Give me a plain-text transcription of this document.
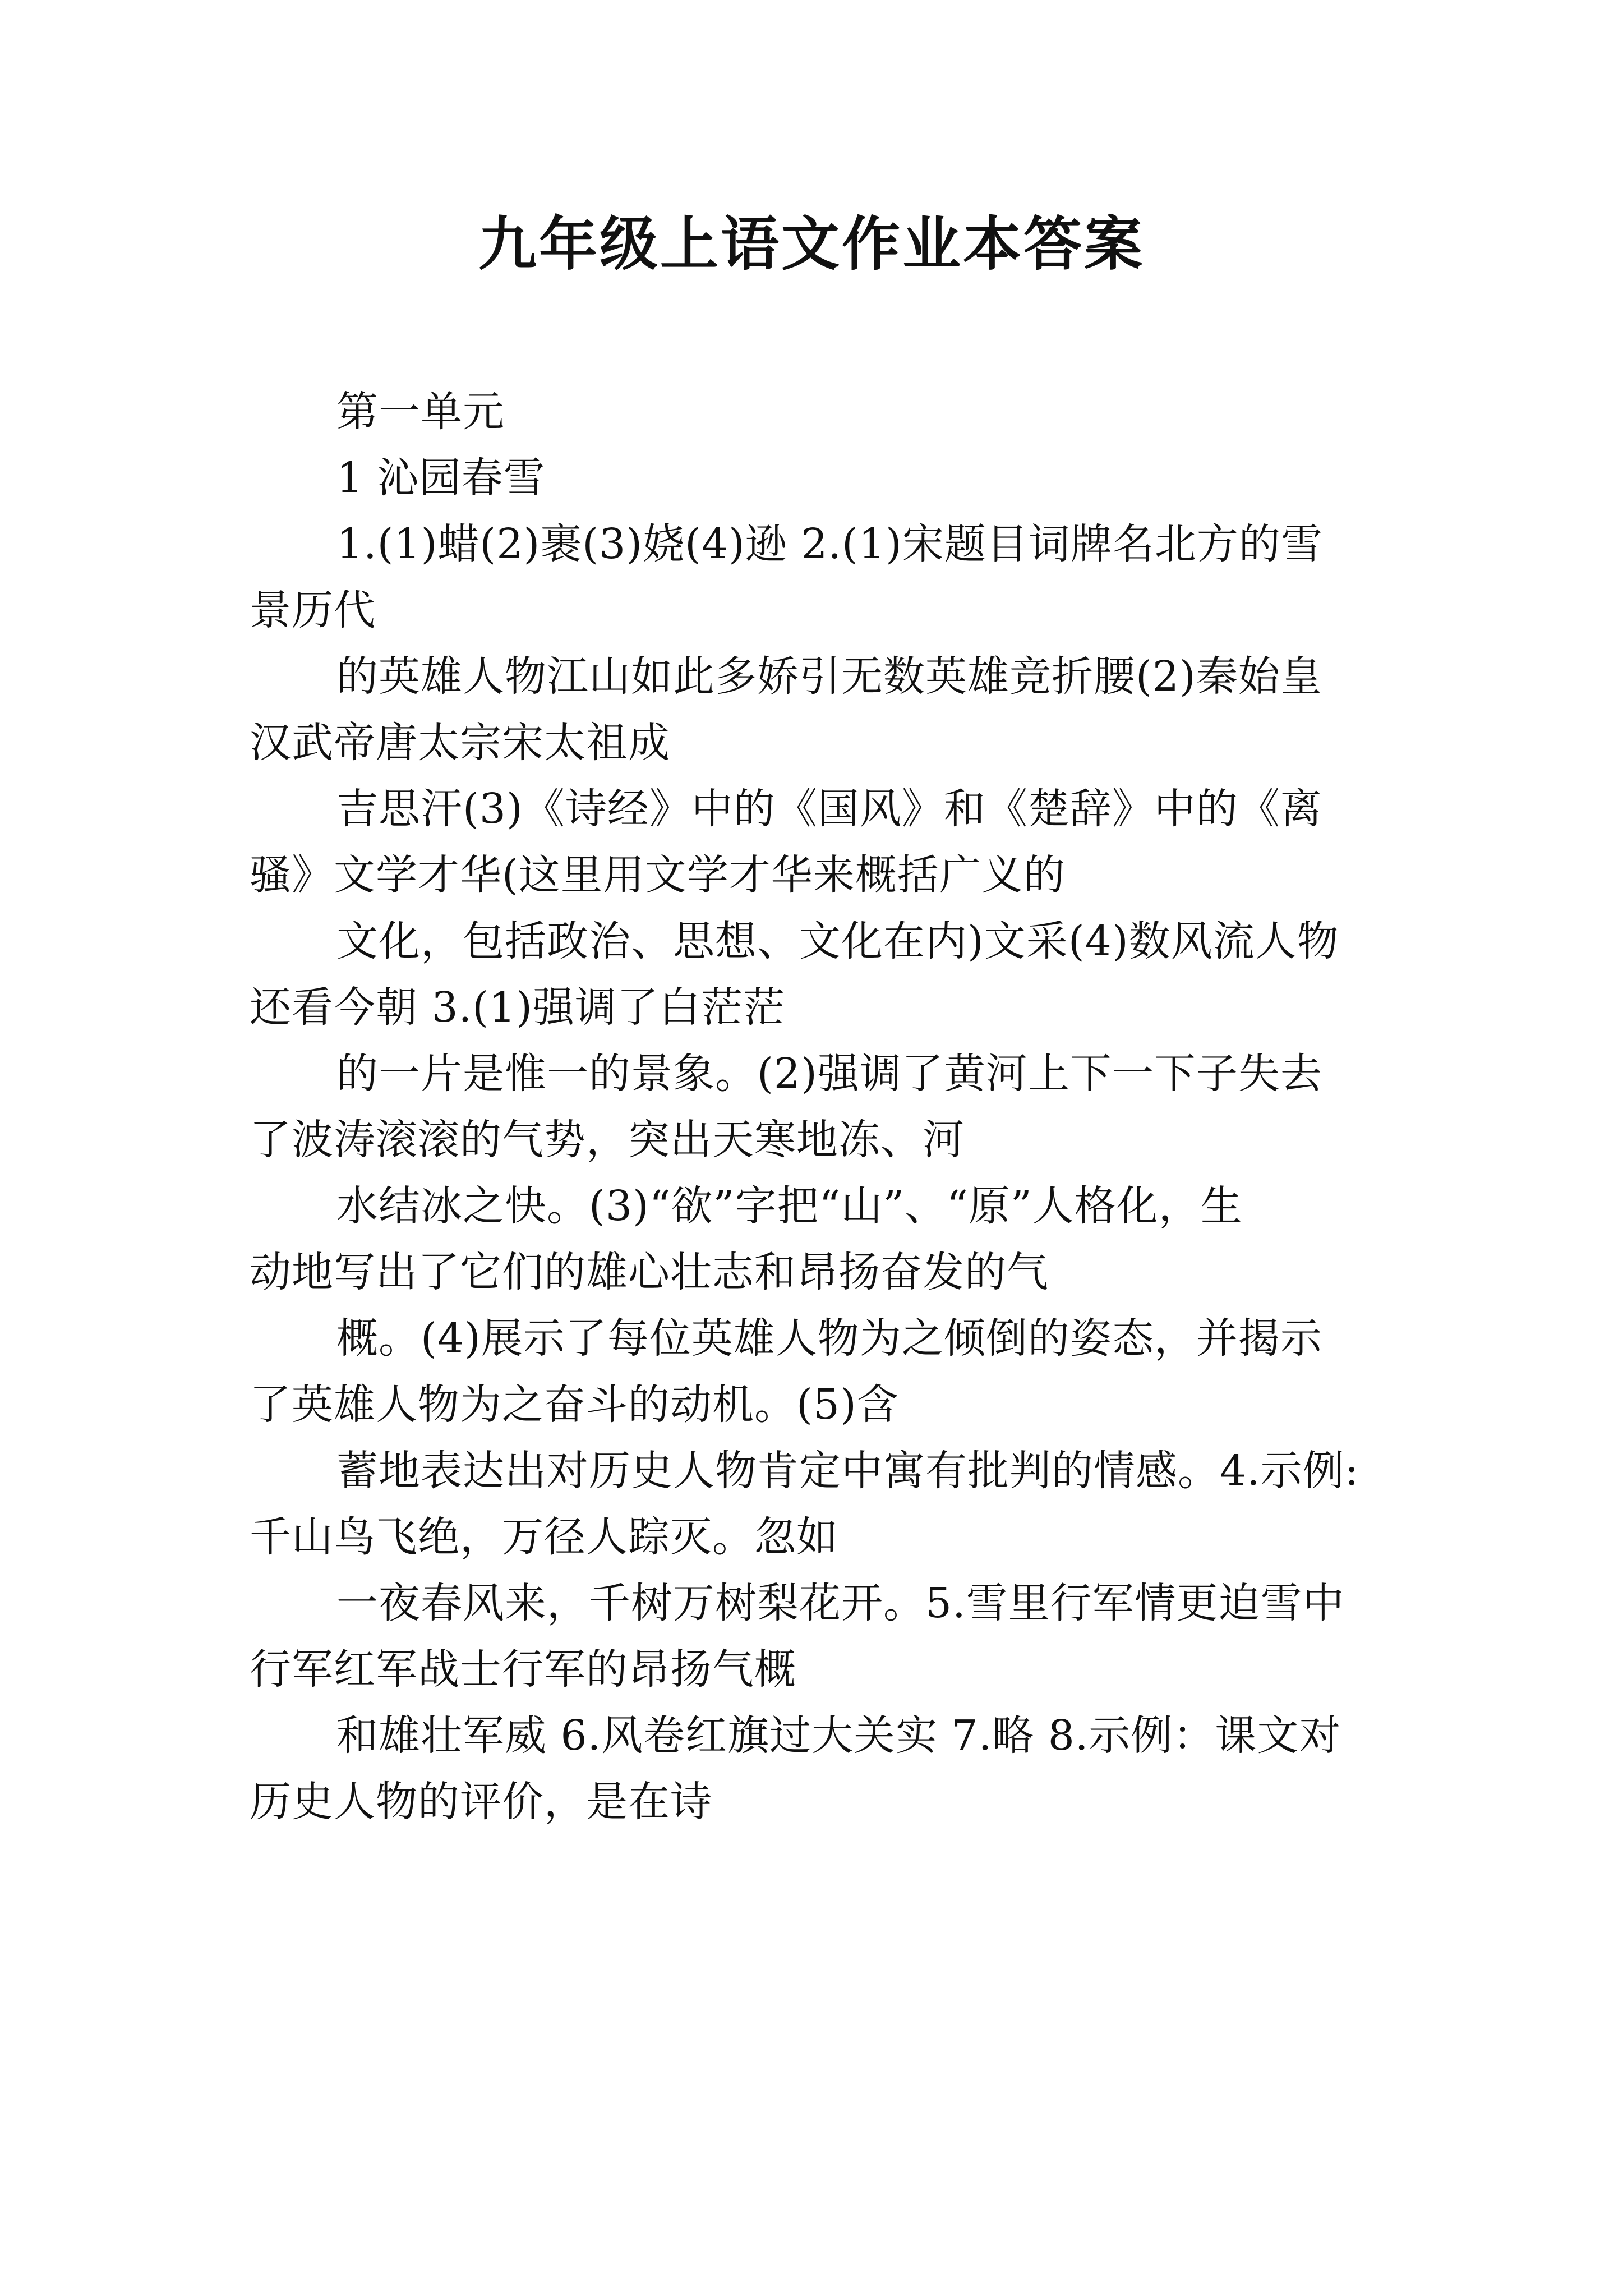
九年级上语文作业本答案

第一单元

1 沁园春雪

1.(1)蜡(2)裹(3)娆(4)逊 2.(1)宋题目词牌名北方的雪

景历代

的英雄人物江山如此多娇引无数英雄竞折腰(2)秦始皇

汉武帝唐太宗宋太祖成

吉思汗(3)《诗经》中的《国风》和《楚辞》中的《离

骚》文学才华(这里用文学才华来概括广义的

文化，包括政治、思想、文化在内)文采(4)数风流人物

还看今朝 3.(1)强调了白茫茫

的一片是惟一的景象。(2)强调了黄河上下一下子失去

了波涛滚滚的气势，突出天寒地冻、河

水结冰之快。(3)“欲”字把“山”、“原”人格化，生

动地写出了它们的雄心壮志和昂扬奋发的气

概。(4)展示了每位英雄人物为之倾倒的姿态，并揭示

了英雄人物为之奋斗的动机。(5)含

蓄地表达出对历史人物肯定中寓有批判的情感。4.示例:

千山鸟飞绝，万径人踪灭。忽如

一夜春风来，千树万树梨花开。5.雪里行军情更迫雪中

行军红军战士行军的昂扬气概

和雄壮军威 6.风卷红旗过大关实 7.略 8.示例：课文对

历史人物的评价，是在诗
